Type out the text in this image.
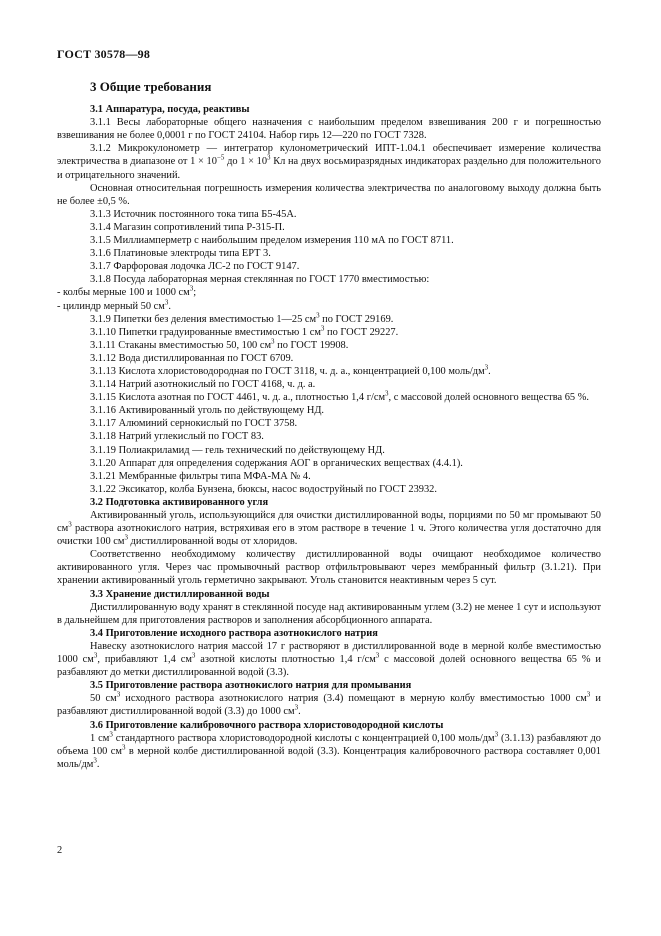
ГОСТ 30578—98
3 Общие требования
3.1 Аппаратура, посуда, реактивы

3.1.1 Весы лабораторные общего назначения с наибольшим пределом взвешивания 200 г и погрешностью взвешивания не более 0,0001 г по ГОСТ 24104. Набор гирь 12—220 по ГОСТ 7328.

3.1.2 Микрокулонометр — интегратор кулонометрический ИПТ-1.04.1 обеспечивает измерение количества электричества в диапазоне от $1 \times 10^{-5}$ до $1 \times 10^3$ Кл на двух восьмиразрядных индикаторах раздельно для положительного и отрицательного значений.

Основная относительная погрешность измерения количества электричества по аналоговому выходу должна быть не более ±0,5 %.

3.1.3 Источник постоянного тока типа Б5-45А.

3.1.4 Магазин сопротивлений типа Р-315-П.

3.1.5 Миллиамперметр с наибольшим пределом измерения 110 мА по ГОСТ 8711.

3.1.6 Платиновые электроды типа ЕРТ 3.

3.1.7 Фарфоровая лодочка ЛС-2 по ГОСТ 9147.

3.1.8 Посуда лабораторная мерная стеклянная по ГОСТ 1770 вместимостью:

- колбы мерные 100 и 1000 $см^3$;

- цилиндр мерный 50 $см^3$.

3.1.9 Пипетки без деления вместимостью 1—25 $см^3$ по ГОСТ 29169.

3.1.10 Пипетки градуированные вместимостью 1 $см^3$ по ГОСТ 29227.

3.1.11 Стаканы вместимостью 50, 100 $см^3$ по ГОСТ 19908.

3.1.12 Вода дистиллированная по ГОСТ 6709.

3.1.13 Кислота хлористоводородная по ГОСТ 3118, ч. д. а., концентрацией 0,100 моль/$дм^3$.

3.1.14 Натрий азотнокислый по ГОСТ 4168, ч. д. а.

3.1.15 Кислота азотная по ГОСТ 4461, ч. д. а., плотностью 1,4 $г/см^3$, с массовой долей основного вещества 65 %.

3.1.16 Активированный уголь по действующему НД.

3.1.17 Алюминий сернокислый по ГОСТ 3758.

3.1.18 Натрий углекислый по ГОСТ 83.

3.1.19 Полиакриламид — гель технический по действующему НД.

3.1.20 Аппарат для определения содержания АОГ в органических веществах (4.4.1).

3.1.21 Мембранные фильтры типа МФА-МА № 4.

3.1.22 Эксикатор, колба Бунзена, бюксы, насос водоструйный по ГОСТ 23932.

3.2 Подготовка активированного угля

Активированный уголь, использующийся для очистки дистиллированной воды, порциями по 50 мг промывают 50 $см^3$ раствора азотнокислого натрия, встряхивая его в этом растворе в течение 1 ч. Этого количества угля достаточно для очистки 100 $см^3$ дистиллированной воды от хлоридов.

Соответственно необходимому количеству дистиллированной воды очищают необходимое количество активированного угля. Через час промывочный раствор отфильтровывают через мембранный фильтр (3.1.21). При хранении активированный уголь герметично закрывают. Уголь становится неактивным через 5 сут.

3.3 Хранение дистиллированной воды

Дистиллированную воду хранят в стеклянной посуде над активированным углем (3.2) не менее 1 сут и используют в дальнейшем для приготовления растворов и заполнения абсорбционного аппарата.

3.4 Приготовление исходного раствора азотнокислого натрия

Навеску азотнокислого натрия массой 17 г растворяют в дистиллированной воде в мерной колбе вместимостью 1000 $см^3$, прибавляют 1,4 $см^3$ азотной кислоты плотностью 1,4 $г/см^3$ с массовой долей основного вещества 65 % и разбавляют до метки дистиллированной водой (3.3).

3.5 Приготовление раствора азотнокислого натрия для промывания

50 $см^3$ исходного раствора азотнокислого натрия (3.4) помещают в мерную колбу вместимостью 1000 $см^3$ и разбавляют дистиллированной водой (3.3) до 1000 $см^3$.

3.6 Приготовление калибровочного раствора хлористоводородной кислоты

1 $см^3$ стандартного раствора хлористоводородной кислоты с концентрацией 0,100 моль/$дм^3$ (3.1.13) разбавляют до объема 100 $см^3$ в мерной колбе дистиллированной водой (3.3). Концентрация калибровочного раствора составляет 0,001 моль/$дм^3$.

2
